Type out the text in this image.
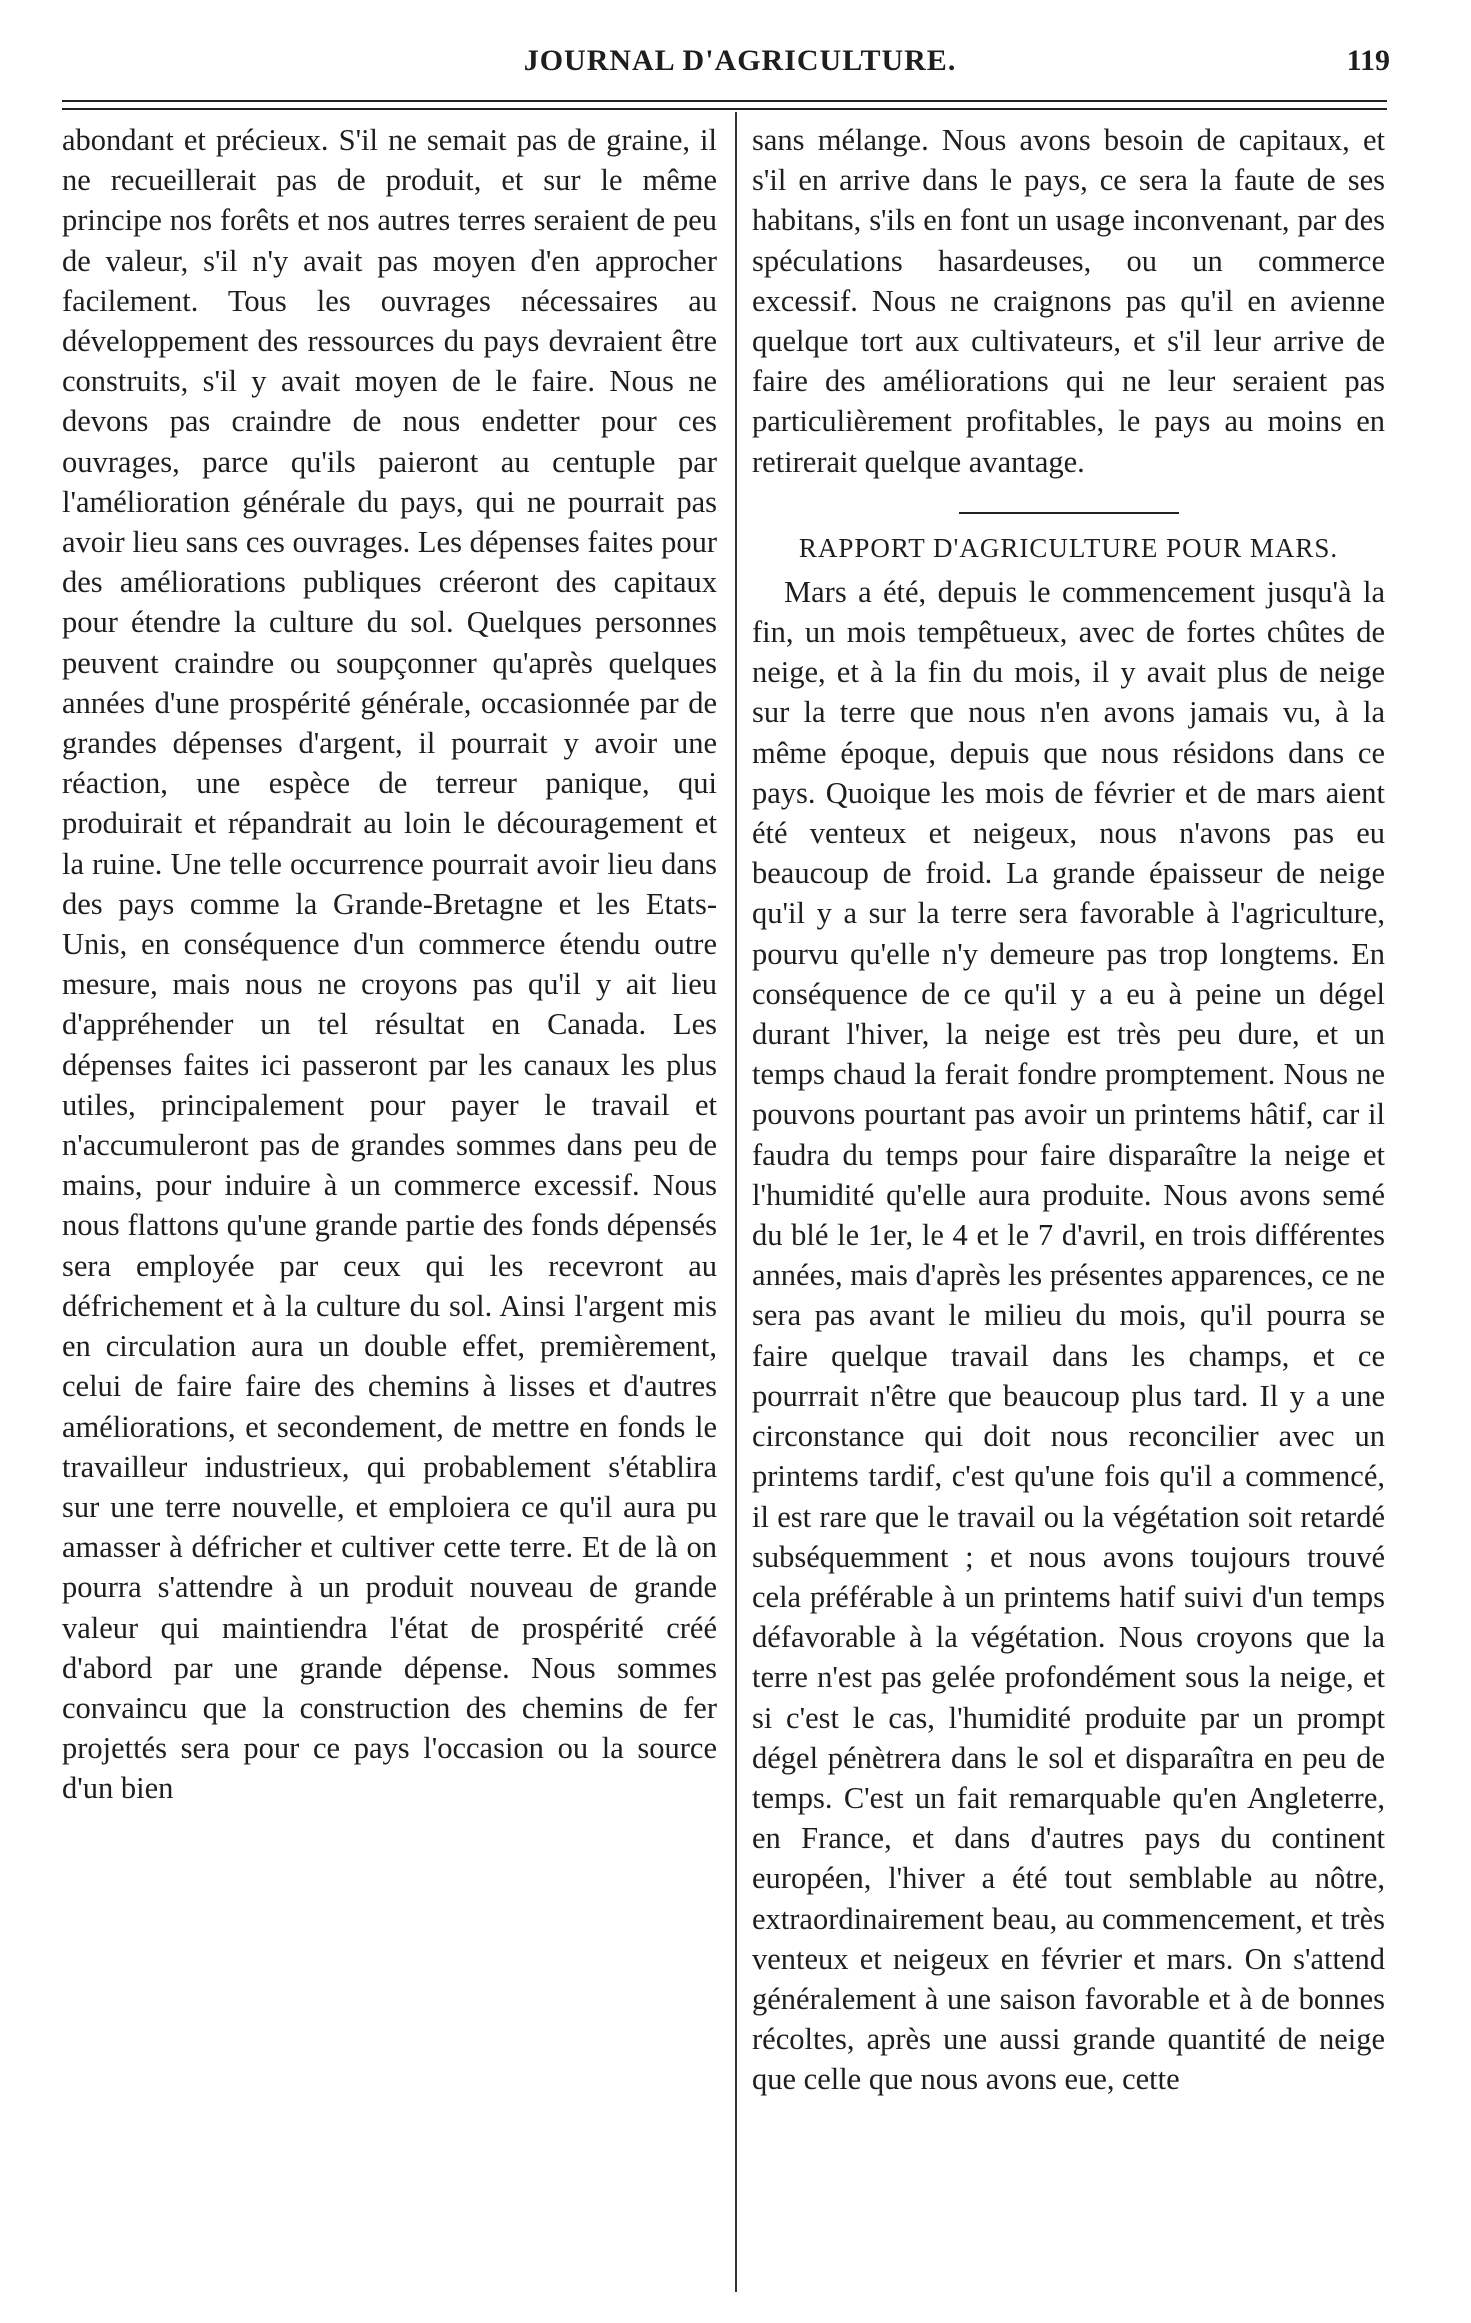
JOURNAL D'AGRICULTURE.	119

abondant et précieux. S'il ne semait pas de graine, il ne recueillerait pas de produit, et sur le même principe nos forêts et nos autres terres seraient de peu de valeur, s'il n'y avait pas moyen d'en approcher facilement. Tous les ouvrages nécessaires au développement des ressources du pays devraient être construits, s'il y avait moyen de le faire. Nous ne devons pas craindre de nous endetter pour ces ouvrages, parce qu'ils paieront au centuple par l'amélioration générale du pays, qui ne pourrait pas avoir lieu sans ces ouvrages. Les dépenses faites pour des améliorations publiques créeront des capitaux pour étendre la culture du sol. Quelques personnes peuvent craindre ou soupçonner qu'après quelques années d'une prospérité générale, occasionnée par de grandes dépenses d'argent, il pourrait y avoir une réaction, une espèce de terreur panique, qui produirait et répandrait au loin le découragement et la ruine. Une telle occurrence pourrait avoir lieu dans des pays comme la Grande-Bretagne et les Etats-Unis, en conséquence d'un commerce étendu outre mesure, mais nous ne croyons pas qu'il y ait lieu d'appréhender un tel résultat en Canada. Les dépenses faites ici passeront par les canaux les plus utiles, principalement pour payer le travail et n'accumuleront pas de grandes sommes dans peu de mains, pour induire à un commerce excessif. Nous nous flattons qu'une grande partie des fonds dépensés sera employée par ceux qui les recevront au défrichement et à la culture du sol. Ainsi l'argent mis en circulation aura un double effet, premièrement, celui de faire faire des chemins à lisses et d'autres améliorations, et secondement, de mettre en fonds le travailleur industrieux, qui probablement s'établira sur une terre nouvelle, et emploiera ce qu'il aura pu amasser à défricher et cultiver cette terre. Et de là on pourra s'attendre à un produit nouveau de grande valeur qui maintiendra l'état de prospérité créé d'abord par une grande dépense. Nous sommes convaincu que la construction des chemins de fer projettés sera pour ce pays l'occasion ou la source d'un bien

sans mélange. Nous avons besoin de capitaux, et s'il en arrive dans le pays, ce sera la faute de ses habitans, s'ils en font un usage inconvenant, par des spéculations hasardeuses, ou un commerce excessif. Nous ne craignons pas qu'il en avienne quelque tort aux cultivateurs, et s'il leur arrive de faire des améliorations qui ne leur seraient pas particulièrement profitables, le pays au moins en retirerait quelque avantage.

RAPPORT D'AGRICULTURE POUR MARS.

Mars a été, depuis le commencement jusqu'à la fin, un mois tempêtueux, avec de fortes chûtes de neige, et à la fin du mois, il y avait plus de neige sur la terre que nous n'en avons jamais vu, à la même époque, depuis que nous résidons dans ce pays. Quoique les mois de février et de mars aient été venteux et neigeux, nous n'avons pas eu beaucoup de froid. La grande épaisseur de neige qu'il y a sur la terre sera favorable à l'agriculture, pourvu qu'elle n'y demeure pas trop longtems. En conséquence de ce qu'il y a eu à peine un dégel durant l'hiver, la neige est très peu dure, et un temps chaud la ferait fondre promptement. Nous ne pouvons pourtant pas avoir un printems hâtif, car il faudra du temps pour faire disparaître la neige et l'humidité qu'elle aura produite. Nous avons semé du blé le 1er, le 4 et le 7 d'avril, en trois différentes années, mais d'après les présentes apparences, ce ne sera pas avant le milieu du mois, qu'il pourra se faire quelque travail dans les champs, et ce pourrrait n'être que beaucoup plus tard. Il y a une circonstance qui doit nous reconcilier avec un printems tardif, c'est qu'une fois qu'il a commencé, il est rare que le travail ou la végétation soit retardé subséquemment ; et nous avons toujours trouvé cela préférable à un printems hatif suivi d'un temps défavorable à la végétation. Nous croyons que la terre n'est pas gelée profondément sous la neige, et si c'est le cas, l'humidité produite par un prompt dégel pénètrera dans le sol et disparaîtra en peu de temps. C'est un fait remarquable qu'en Angleterre, en France, et dans d'autres pays du continent européen, l'hiver a été tout semblable au nôtre, extraordinairement beau, au commencement, et très venteux et neigeux en février et mars. On s'attend généralement à une saison favorable et à de bonnes récoltes, après une aussi grande quantité de neige que celle que nous avons eue, cette
